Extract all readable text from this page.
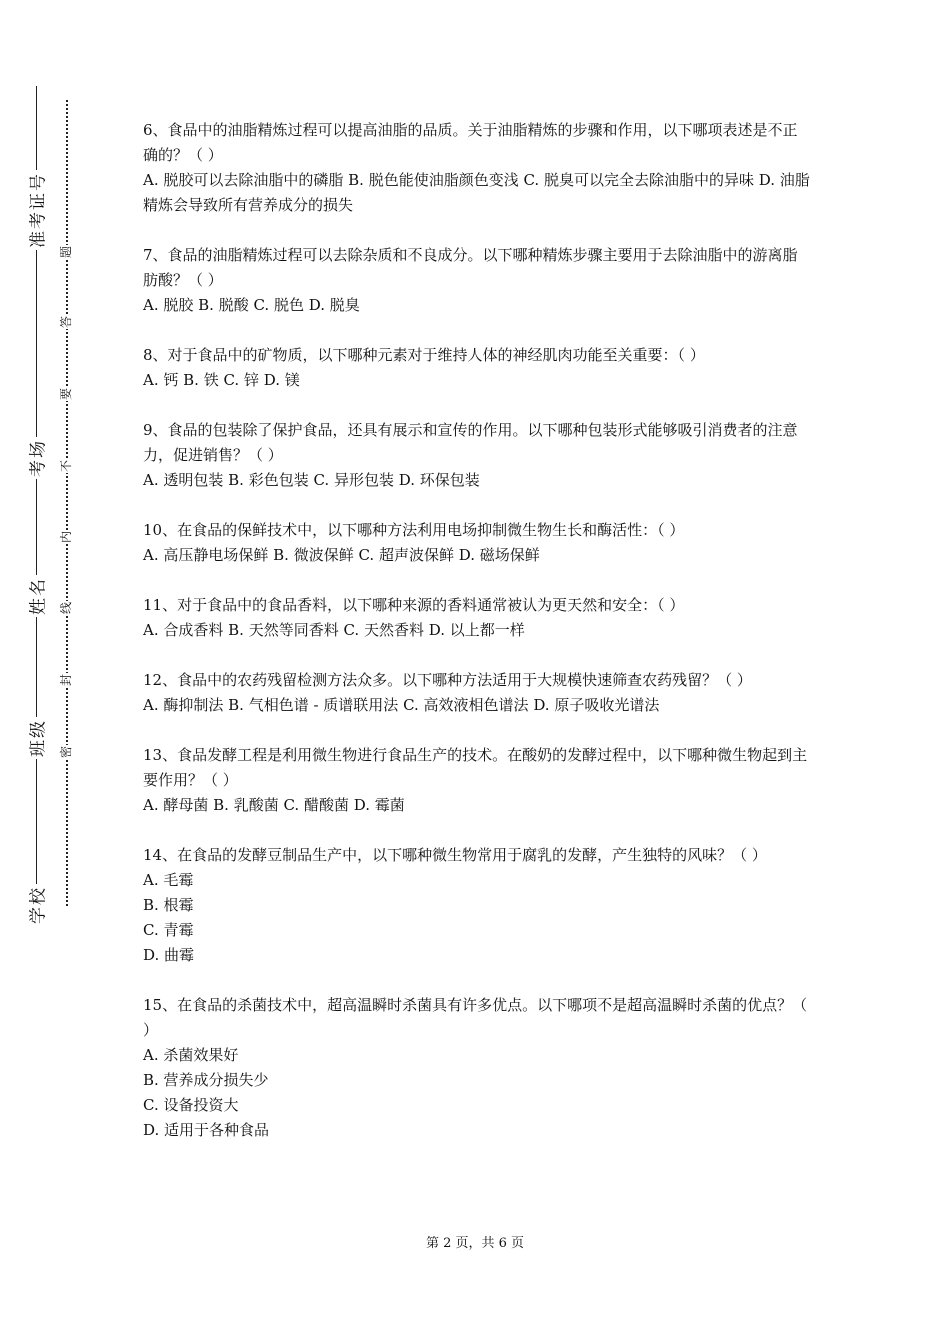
准考证号
考场
姓名
班级
学校
题
答
要
不
内
线
封
密

6、食品中的油脂精炼过程可以提高油脂的品质。关于油脂精炼的步骤和作用，以下哪项表述是不正确的？（ ）

A. 脱胶可以去除油脂中的磷脂 B. 脱色能使油脂颜色变浅 C. 脱臭可以完全去除油脂中的异味 D. 油脂精炼会导致所有营养成分的损失

7、食品的油脂精炼过程可以去除杂质和不良成分。以下哪种精炼步骤主要用于去除油脂中的游离脂肪酸？（ ）

A. 脱胶 B. 脱酸 C. 脱色 D. 脱臭

8、对于食品中的矿物质，以下哪种元素对于维持人体的神经肌肉功能至关重要：（ ）

A. 钙 B. 铁 C. 锌 D. 镁

9、食品的包装除了保护食品，还具有展示和宣传的作用。以下哪种包装形式能够吸引消费者的注意力，促进销售？（ ）

A. 透明包装 B. 彩色包装 C. 异形包装 D. 环保包装

10、在食品的保鲜技术中，以下哪种方法利用电场抑制微生物生长和酶活性：（ ）

A. 高压静电场保鲜 B. 微波保鲜 C. 超声波保鲜 D. 磁场保鲜

11、对于食品中的食品香料，以下哪种来源的香料通常被认为更天然和安全：（ ）

A. 合成香料 B. 天然等同香料 C. 天然香料 D. 以上都一样

12、食品中的农药残留检测方法众多。以下哪种方法适用于大规模快速筛查农药残留？（ ）

A. 酶抑制法 B. 气相色谱 - 质谱联用法 C. 高效液相色谱法 D. 原子吸收光谱法

13、食品发酵工程是利用微生物进行食品生产的技术。在酸奶的发酵过程中，以下哪种微生物起到主要作用？（ ）

A. 酵母菌 B. 乳酸菌 C. 醋酸菌 D. 霉菌

14、在食品的发酵豆制品生产中，以下哪种微生物常用于腐乳的发酵，产生独特的风味？（ ）

A. 毛霉
B. 根霉
C. 青霉
D. 曲霉

15、在食品的杀菌技术中，超高温瞬时杀菌具有许多优点。以下哪项不是超高温瞬时杀菌的优点？（ ）

A. 杀菌效果好
B. 营养成分损失少
C. 设备投资大
D. 适用于各种食品
第 2 页，共 6 页
